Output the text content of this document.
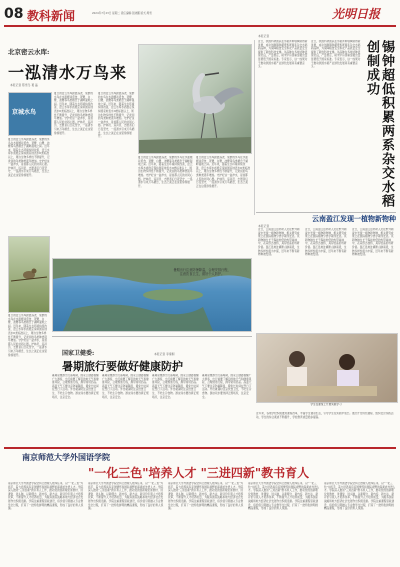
08 教科新闻	2024年7月23日 星期二 责任编辑:张晓鹏 版式:周雪	光明日报
北京密云水库:
一泓清水万鸟来
本报记者 陈雪冬 葛 晶
京城水鸟
夏日的密云水库碧波荡漾，成群的水鸟在水面嬉戏觅食，苍鹭、白鹭、池鹭等鸟类栖息于湖畔湿地之间。近年来，随着生态环境持续改善，密云水库水质稳定保持国家地表水II类标准以上，周边生物多样性不断提升，记录到的鸟类种类逐年增加。守护好这一盆净水，是首都人民的共同心愿。护林员、巡河员、志愿者们日夜坚守，一泓清水引来万鸟栖息，生态之美正在这里徐徐展开。
夏日的密云水库碧波荡漾，成群的水鸟在水面嬉戏觅食，苍鹭、白鹭、池鹭等鸟类栖息于湖畔湿地之间。近年来，随着生态环境持续改善，密云水库水质稳定保持国家地表水II类标准以上，周边生物多样性不断提升，记录到的鸟类种类逐年增加。守护好这一盆净水，是首都人民的共同心愿。护林员、巡河员、志愿者们日夜坚守，一泓清水引来万鸟栖息，生态之美正在这里徐徐展开。
夏日的密云水库碧波荡漾，成群的水鸟在水面嬉戏觅食，苍鹭、白鹭、池鹭等鸟类栖息于湖畔湿地之间。近年来，随着生态环境持续改善，密云水库水质稳定保持国家地表水II类标准以上，周边生物多样性不断提升，记录到的鸟类种类逐年增加。守护好这一盆净水，是首都人民的共同心愿。护林员、巡河员、志愿者们日夜坚守，一泓清水引来万鸟栖息，生态之美正在这里徐徐展开。
夏日的密云水库碧波荡漾，成群的水鸟在水面嬉戏觅食，苍鹭、白鹭、池鹭等鸟类栖息于湖畔湿地之间。近年来，随着生态环境持续改善，密云水库水质稳定保持国家地表水II类标准以上，周边生物多样性不断提升，记录到的鸟类种类逐年增加。守护好这一盆净水，是首都人民的共同心愿。护林员、巡河员、志愿者们日夜坚守，一泓清水引来万鸟栖息，生态之美正在这里徐徐展开。
夏日的密云水库碧波荡漾，成群的水鸟在水面嬉戏觅食，苍鹭、白鹭、池鹭等鸟类栖息于湖畔湿地之间。近年来，随着生态环境持续改善，密云水库水质稳定保持国家地表水II类标准以上，周边生物多样性不断提升，记录到的鸟类种类逐年增加。守护好这一盆净水，是首都人民的共同心愿。护林员、巡河员、志愿者们日夜坚守，一泓清水引来万鸟栖息，生态之美正在这里徐徐展开。
夏日的密云水库碧波荡漾，成群的水鸟在水面嬉戏觅食，苍鹭、白鹭、池鹭等鸟类栖息于湖畔湿地之间。近年来，随着生态环境持续改善，密云水库水质稳定保持国家地表水II类标准以上，周边生物多样性不断提升，记录到的鸟类种类逐年增加。守护好这一盆净水，是首都人民的共同心愿。护林员、巡河员、志愿者们日夜坚守，一泓清水引来万鸟栖息，生态之美正在这里徐徐展开。
锡钟超低积累两系杂交水稻创制成功
本报记者
近日，我国科研团队在水稻育种领域取得新进展，成功创制锡钟超低积累两系杂交水稻新品种，为保障粮食安全和农产品质量安全提供了新的科技支撑。该品种在多地试种表现优良，产量稳定，稻米中有害重金属含量显著低于国家标准。专家表示，这一成果对于推动我国水稻产业绿色发展具有重要意义。
近日，我国科研团队在水稻育种领域取得新进展，成功创制锡钟超低积累两系杂交水稻新品种，为保障粮食安全和农产品质量安全提供了新的科技支撑。该品种在多地试种表现优良，产量稳定，稻米中有害重金属含量显著低于国家标准。专家表示，这一成果对于推动我国水稻产业绿色发展具有重要意义。
云南盈江发现一植物新物种
本报记者
近日，云南盈江县科研人员在野外调查中发现一植物新物种，相关研究成果已在国际植物分类学期刊发表。该新物种生长于海拔较低的热带雨林中，花朵形态独特，具有较高的科研价值。盈江县地处横断山脉南段，生物多样性极为丰富，近年来不断有新物种被发现。
近日，云南盈江县科研人员在野外调查中发现一植物新物种，相关研究成果已在国际植物分类学期刊发表。该新物种生长于海拔较低的热带雨林中，花朵形态独特，具有较高的科研价值。盈江县地处横断山脉南段，生物多样性极为丰富，近年来不断有新物种被发现。
近日，云南盈江县科研人员在野外调查中发现一植物新物种，相关研究成果已在国际植物分类学期刊发表。该新物种生长于海拔较低的热带雨林中，花朵形态独特，具有较高的科研价值。盈江县地处横断山脉南段，生物多样性极为丰富，近年来不断有新物种被发现。
国家卫健委:
暑期旅行要做好健康防护
本报记者 李秦桐
暑期出行注意防暑降温，合理安排行程，注意饮食卫生，做好个人防护。
暑期是旅游出行高峰期，国家卫健委提醒广大游客，出行前要了解目的地天气和健康风险，合理规划行程，携带常用药品。高温天气下要注意防暑降温，避免长时间在烈日下活动。外出就餐时注意饮食卫生，不吃生冷食物。游泳戏水要选择正规场所，注意安全。
暑期是旅游出行高峰期，国家卫健委提醒广大游客，出行前要了解目的地天气和健康风险，合理规划行程，携带常用药品。高温天气下要注意防暑降温，避免长时间在烈日下活动。外出就餐时注意饮食卫生，不吃生冷食物。游泳戏水要选择正规场所，注意安全。
暑期是旅游出行高峰期，国家卫健委提醒广大游客，出行前要了解目的地天气和健康风险，合理规划行程，携带常用药品。高温天气下要注意防暑降温，避免长时间在烈日下活动。外出就餐时注意饮食卫生，不吃生冷食物。游泳戏水要选择正规场所，注意安全。
暑期是旅游出行高峰期，国家卫健委提醒广大游客，出行前要了解目的地天气和健康风险，合理规划行程，携带常用药品。高温天气下要注意防暑降温，避免长时间在烈日下活动。外出就餐时注意饮食卫生，不吃生冷食物。游泳戏水要选择正规场所，注意安全。
学生在课堂上开展实践学习
近年来，各地学校积极推进课程改革，丰富学生课余生活，引导学生在实践中成长。通过开设特色课程、组织社会实践活动，学生的综合素质不断提升，学校教育质量稳步提高。
南京师范大学外国语学院
"一化三色"培养人才 "三进四新"教书育人
南京师范大学外国语学院坚持立德树人根本任务，以"一化三色"为抓手，着力培养具有家国情怀和国际视野的高素质外语人才。学院深入推进"三进四新"教书育人工作，推动党的创新理论进教材、进课堂、进头脑，以新理念、新内容、新方法、新评价引领人才培养改革，不断提升人才培养质量，为服务国家战略和地方经济社会发展作出积极贡献。学院注重课程思政建设，将价值引领融入专业教学全过程，打造了一批特色鲜明的精品课程，形成了良好的育人氛围。
南京师范大学外国语学院坚持立德树人根本任务，以"一化三色"为抓手，着力培养具有家国情怀和国际视野的高素质外语人才。学院深入推进"三进四新"教书育人工作，推动党的创新理论进教材、进课堂、进头脑，以新理念、新内容、新方法、新评价引领人才培养改革，不断提升人才培养质量，为服务国家战略和地方经济社会发展作出积极贡献。学院注重课程思政建设，将价值引领融入专业教学全过程，打造了一批特色鲜明的精品课程，形成了良好的育人氛围。
南京师范大学外国语学院坚持立德树人根本任务，以"一化三色"为抓手，着力培养具有家国情怀和国际视野的高素质外语人才。学院深入推进"三进四新"教书育人工作，推动党的创新理论进教材、进课堂、进头脑，以新理念、新内容、新方法、新评价引领人才培养改革，不断提升人才培养质量，为服务国家战略和地方经济社会发展作出积极贡献。学院注重课程思政建设，将价值引领融入专业教学全过程，打造了一批特色鲜明的精品课程，形成了良好的育人氛围。
南京师范大学外国语学院坚持立德树人根本任务，以"一化三色"为抓手，着力培养具有家国情怀和国际视野的高素质外语人才。学院深入推进"三进四新"教书育人工作，推动党的创新理论进教材、进课堂、进头脑，以新理念、新内容、新方法、新评价引领人才培养改革，不断提升人才培养质量，为服务国家战略和地方经济社会发展作出积极贡献。学院注重课程思政建设，将价值引领融入专业教学全过程，打造了一批特色鲜明的精品课程，形成了良好的育人氛围。
南京师范大学外国语学院坚持立德树人根本任务，以"一化三色"为抓手，着力培养具有家国情怀和国际视野的高素质外语人才。学院深入推进"三进四新"教书育人工作，推动党的创新理论进教材、进课堂、进头脑，以新理念、新内容、新方法、新评价引领人才培养改革，不断提升人才培养质量，为服务国家战略和地方经济社会发展作出积极贡献。学院注重课程思政建设，将价值引领融入专业教学全过程，打造了一批特色鲜明的精品课程，形成了良好的育人氛围。
